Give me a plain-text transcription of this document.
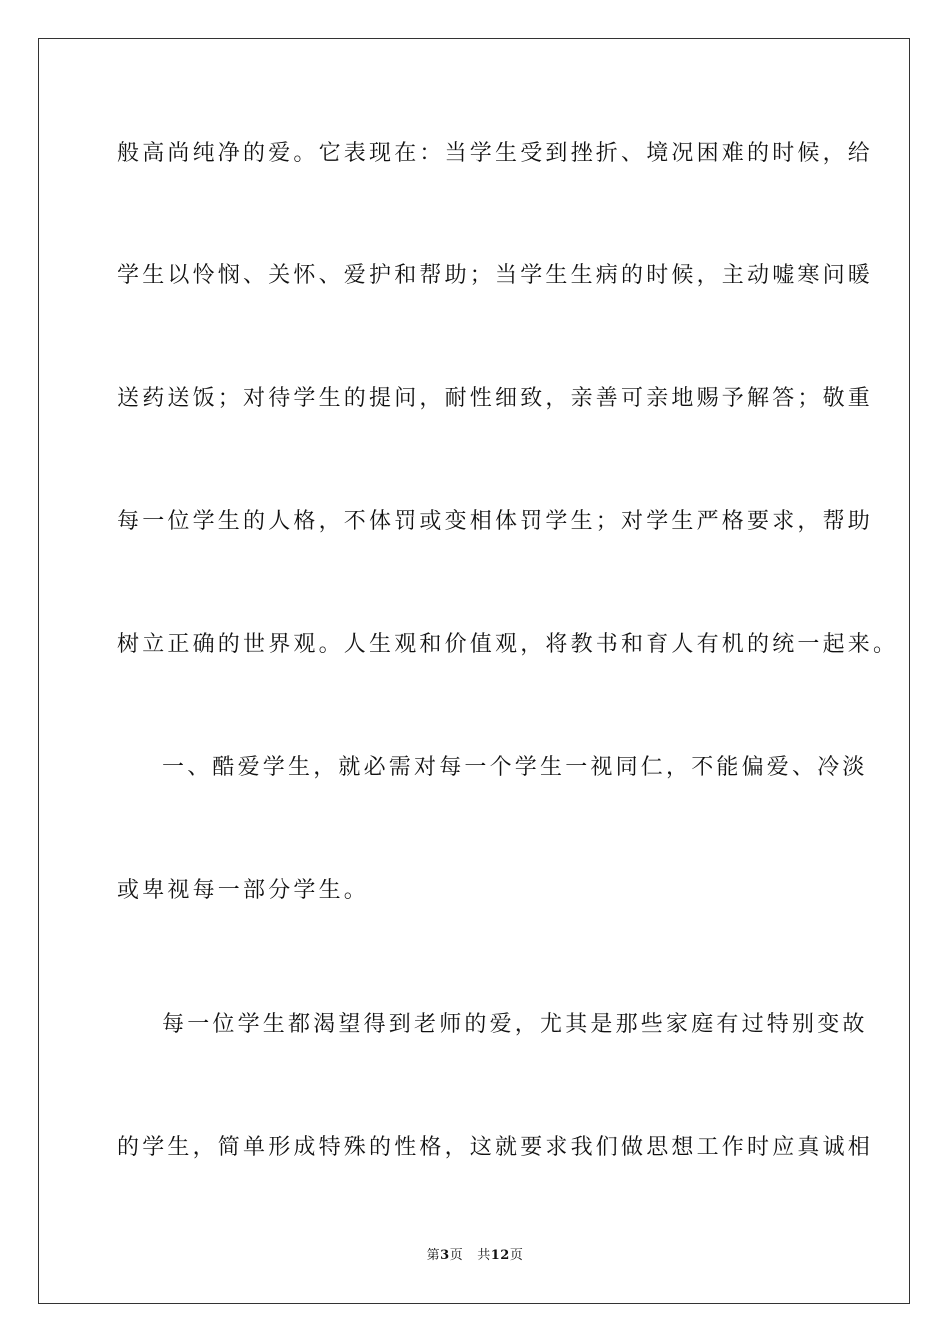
般高尚纯净的爱。它表现在：当学生受到挫折、境况困难的时候，给
学生以怜悯、关怀、爱护和帮助；当学生生病的时候，主动嘘寒问暖
送药送饭；对待学生的提问，耐性细致，亲善可亲地赐予解答；敬重
每一位学生的人格，不体罚或变相体罚学生；对学生严格要求，帮助
树立正确的世界观。人生观和价值观，将教书和育人有机的统一起来。
一、酷爱学生，就必需对每一个学生一视同仁，不能偏爱、冷淡
或卑视每一部分学生。
每一位学生都渴望得到老师的爱，尤其是那些家庭有过特别变故
的学生，简单形成特殊的性格，这就要求我们做思想工作时应真诚相
第3页 共12页
